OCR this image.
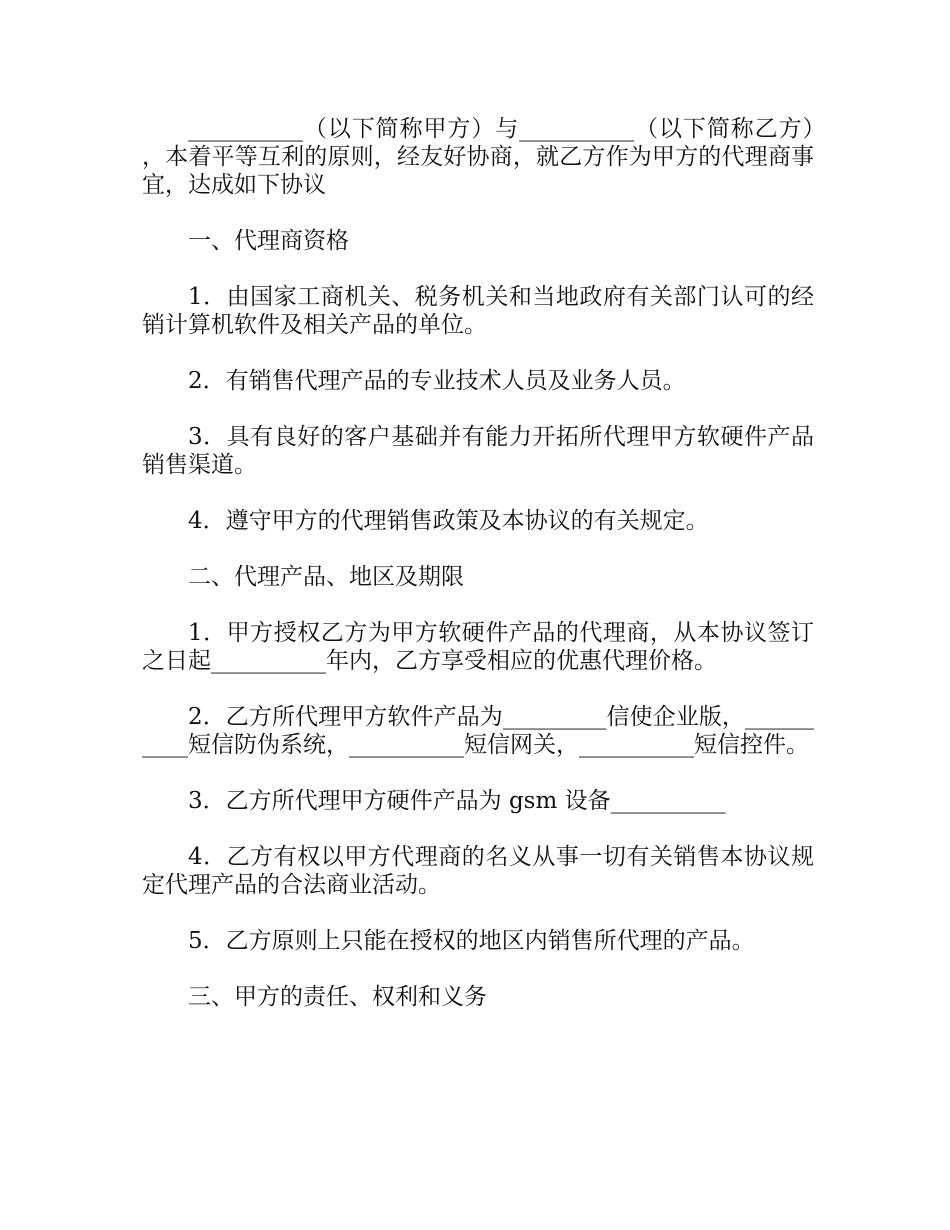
__________（以下简称甲方）与__________（以下简称乙方），本着平等互利的原则，经友好协商，就乙方作为甲方的代理商事宜，达成如下协议

一、代理商资格

1．由国家工商机关、税务机关和当地政府有关部门认可的经销计算机软件及相关产品的单位。

2．有销售代理产品的专业技术人员及业务人员。

3．具有良好的客户基础并有能力开拓所代理甲方软硬件产品销售渠道。

4．遵守甲方的代理销售政策及本协议的有关规定。

二、代理产品、地区及期限

1．甲方授权乙方为甲方软硬件产品的代理商，从本协议签订之日起__________年内，乙方享受相应的优惠代理价格。

2．乙方所代理甲方软件产品为_________信使企业版，__________短信防伪系统，__________短信网关，__________短信控件。

3．乙方所代理甲方硬件产品为 gsm 设备__________

4．乙方有权以甲方代理商的名义从事一切有关销售本协议规定代理产品的合法商业活动。

5．乙方原则上只能在授权的地区内销售所代理的产品。

三、甲方的责任、权利和义务
